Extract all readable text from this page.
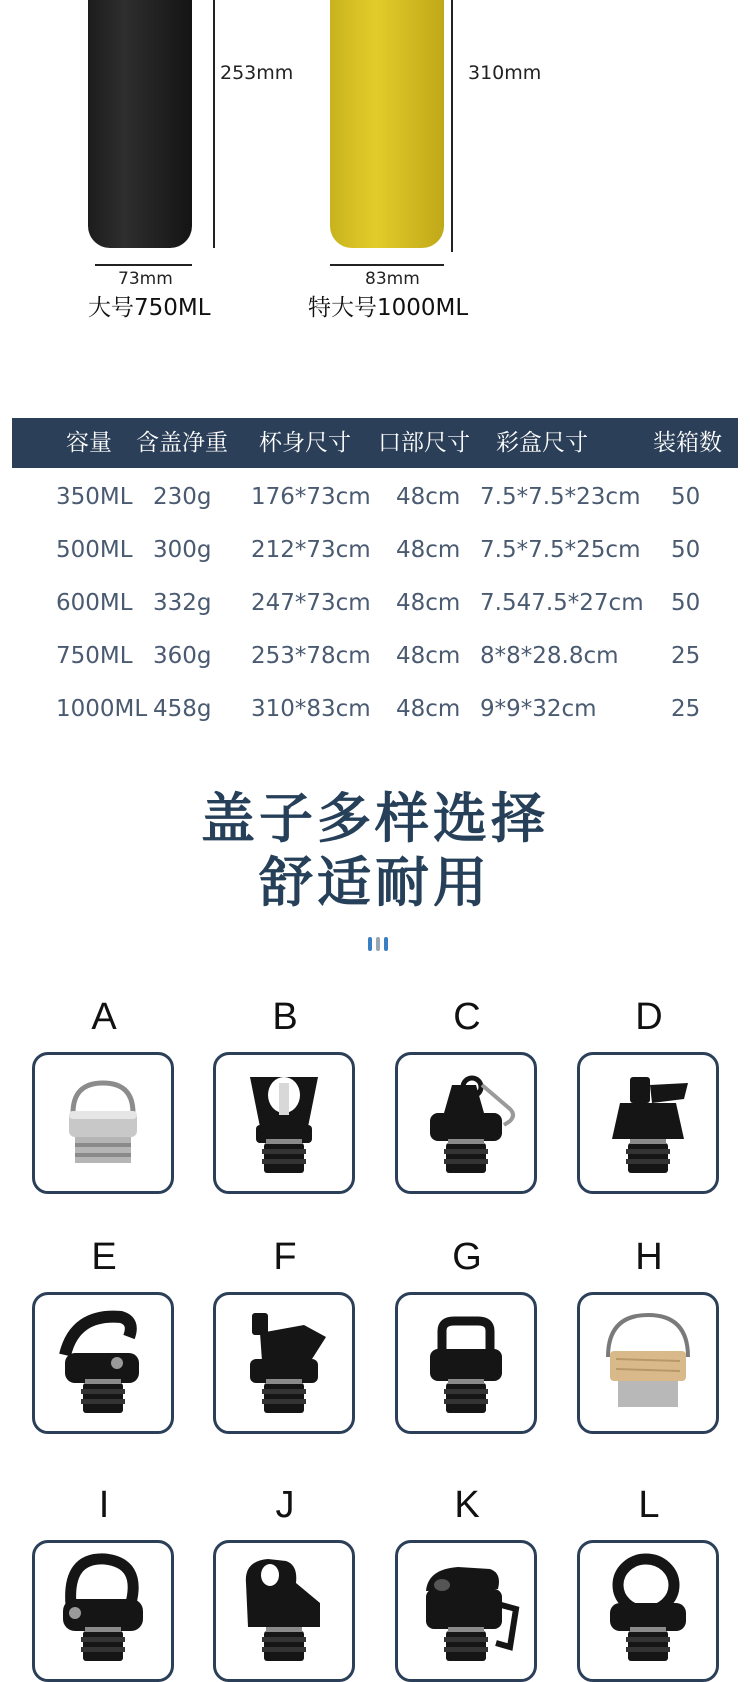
253mm	310mm
73mm	83mm
大号750ML	特大号1000ML
容量 含盖净重 杯身尺寸 口部尺寸 彩盒尺寸	装箱数
350ML 230g 176*73cm 48cm 7.5*7.5*23cm 50
500ML 300g 212*73cm 48cm 7.5*7.5*25cm 50
600ML 332g 247*73cm 48cm 7.547.5*27cm 50
750ML 360g 253*78cm 48cm 8*8*28.8cm 25
1000ML 458g 310*83cm 48cm 9*9*32cm	25
盖子多样选择
舒适耐用
A	B	C	D
E	F	G	H
I	J	K	L
